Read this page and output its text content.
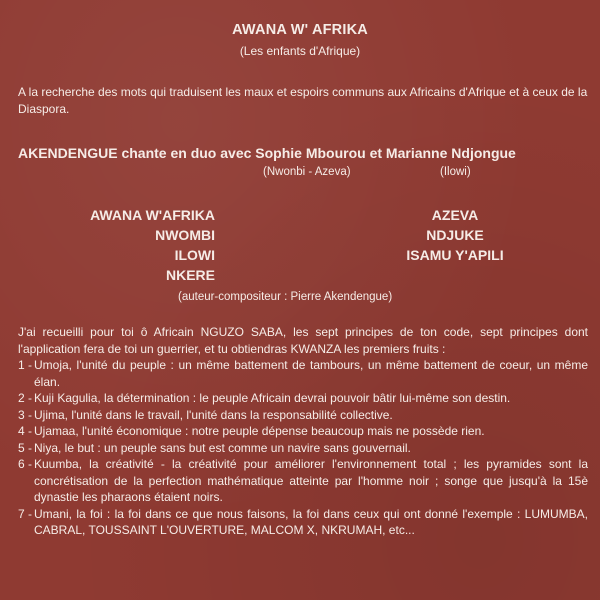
AWANA W' AFRIKA
(Les enfants d'Afrique)
A la recherche des mots qui traduisent les maux et espoirs communs aux Africains d'Afrique et à ceux de la Diaspora.
AKENDENGUE chante en duo avec Sophie Mbourou et Marianne Ndjongue
(Nwonbi - Azeva)	(Ilowi)
AWANA W'AFRIKA
NWOMBI
ILOWI
NKERE
AZEVA
NDJUKE
ISAMU Y'APILI
(auteur-compositeur : Pierre Akendengue)
J'ai recueilli pour toi ô Africain NGUZO SABA, les sept principes de ton code, sept principes dont l'application fera de toi un guerrier, et tu obtiendras KWANZA les premiers fruits :
1 - Umoja, l'unité du peuple : un même battement de tambours, un même battement de coeur, un même élan.
2 - Kuji Kagulia, la détermination : le peuple Africain devrai pouvoir bâtir lui-même son destin.
3 - Ujima, l'unité dans le travail, l'unité dans la responsabilité collective.
4 - Ujamaa, l'unité économique : notre peuple dépense beaucoup mais ne possède rien.
5 - Niya, le but : un peuple sans but est comme un navire sans gouvernail.
6 - Kuumba, la créativité - la créativité pour améliorer l'environnement total ; les pyramides sont la concrétisation de la perfection mathématique atteinte par l'homme noir ; songe que jusqu'à la 15è dynastie les pharaons étaient noirs.
7 - Umani, la foi : la foi dans ce que nous faisons, la foi dans ceux qui ont donné l'exemple : LUMUMBA, CABRAL, TOUSSAINT L'OUVERTURE, MALCOM X, NKRUMAH, etc...
